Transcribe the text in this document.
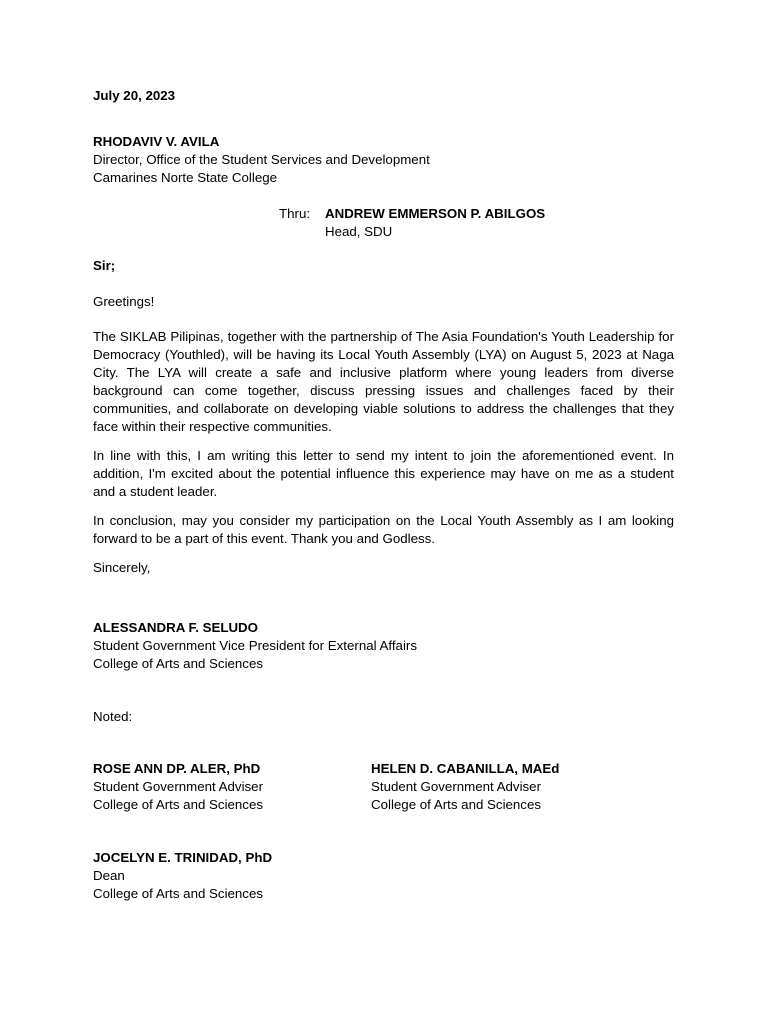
July 20, 2023
RHODAVIV V. AVILA
Director, Office of the Student Services and Development
Camarines Norte State College
Thru: ANDREW EMMERSON P. ABILGOS
Head, SDU
Sir;
Greetings!
The SIKLAB Pilipinas, together with the partnership of The Asia Foundation's Youth Leadership for Democracy (Youthled), will be having its Local Youth Assembly (LYA) on August 5, 2023 at Naga City. The LYA will create a safe and inclusive platform where young leaders from diverse background can come together, discuss pressing issues and challenges faced by their communities, and collaborate on developing viable solutions to address the challenges that they face within their respective communities.
In line with this, I am writing this letter to send my intent to join the aforementioned event. In addition, I'm excited about the potential influence this experience may have on me as a student and a student leader.
In conclusion, may you consider my participation on the Local Youth Assembly as I am looking forward to be a part of this event. Thank you and Godless.
Sincerely,
ALESSANDRA F. SELUDO
Student Government Vice President for External Affairs
College of Arts and Sciences
Noted:
ROSE ANN DP. ALER, PhD
Student Government Adviser
College of Arts and Sciences
HELEN D. CABANILLA, MAEd
Student Government Adviser
College of Arts and Sciences
JOCELYN E. TRINIDAD, PhD
Dean
College of Arts and Sciences
